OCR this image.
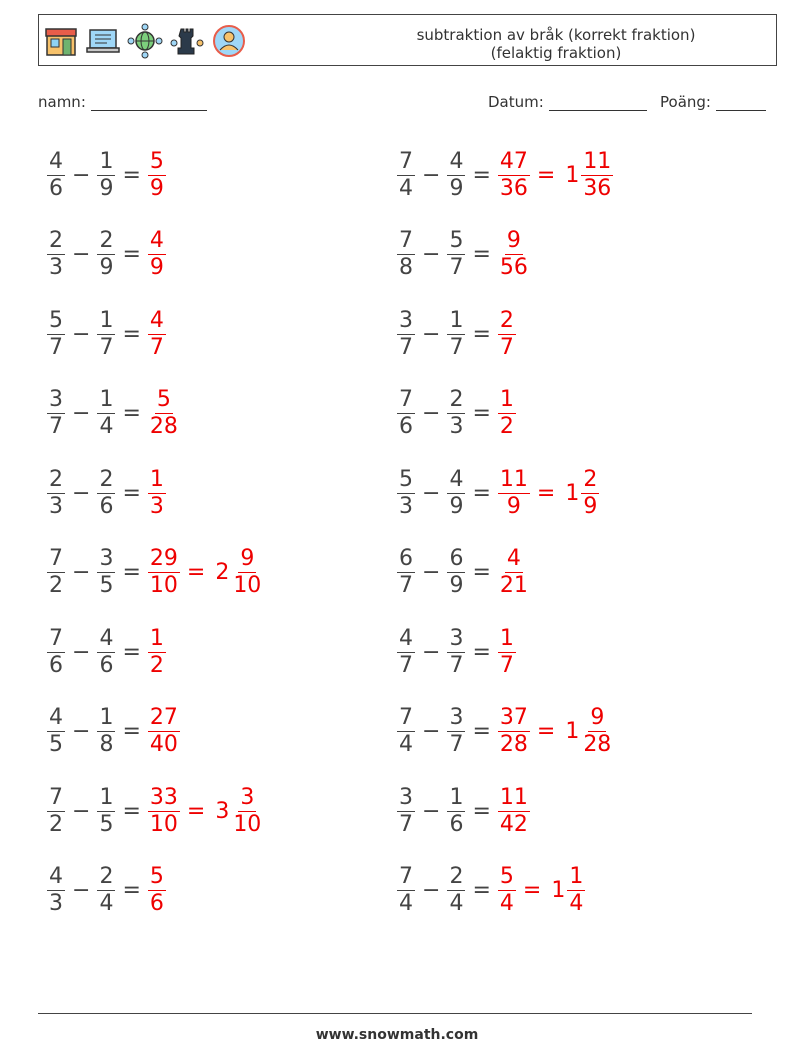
subtraktion av bråk (korrekt fraktion)
(felaktig fraktion)
namn:	Datum:	Poäng:
$\frac{4}{6} - \frac{1}{9} = \frac{5}{9}$	$\frac{7}{4} - \frac{4}{9} = \frac{47}{36} = 1 \frac{11}{36}$
$\frac{2}{3} - \frac{2}{9} = \frac{4}{9}$	$\frac{7}{8} - \frac{5}{7} = \frac{9}{56}$
$\frac{5}{7} - \frac{1}{7} = \frac{4}{7}$	$\frac{3}{7} - \frac{1}{7} = \frac{2}{7}$
$\frac{3}{7} - \frac{1}{4} = \frac{5}{28}$	$\frac{7}{6} - \frac{2}{3} = \frac{1}{2}$
$\frac{2}{3} - \frac{2}{6} = \frac{1}{3}$	$\frac{5}{3} - \frac{4}{9} = \frac{11}{9} = 1 \frac{2}{9}$
$\frac{7}{2} - \frac{3}{5} = \frac{29}{10} = 2 \frac{9}{10}$	$\frac{6}{7} - \frac{6}{9} = \frac{4}{21}$
$\frac{7}{6} - \frac{4}{6} = \frac{1}{2}$	$\frac{4}{7} - \frac{3}{7} = \frac{1}{7}$
$\frac{4}{5} - \frac{1}{8} = \frac{27}{40}$	$\frac{7}{4} - \frac{3}{7} = \frac{37}{28} = 1 \frac{9}{28}$
$\frac{7}{2} - \frac{1}{5} = \frac{33}{10} = 3 \frac{3}{10}$	$\frac{3}{7} - \frac{1}{6} = \frac{11}{42}$
$\frac{4}{3} - \frac{2}{4} = \frac{5}{6}$	$\frac{7}{4} - \frac{2}{4} = \frac{5}{4} = 1 \frac{1}{4}$
www.snowmath.com
